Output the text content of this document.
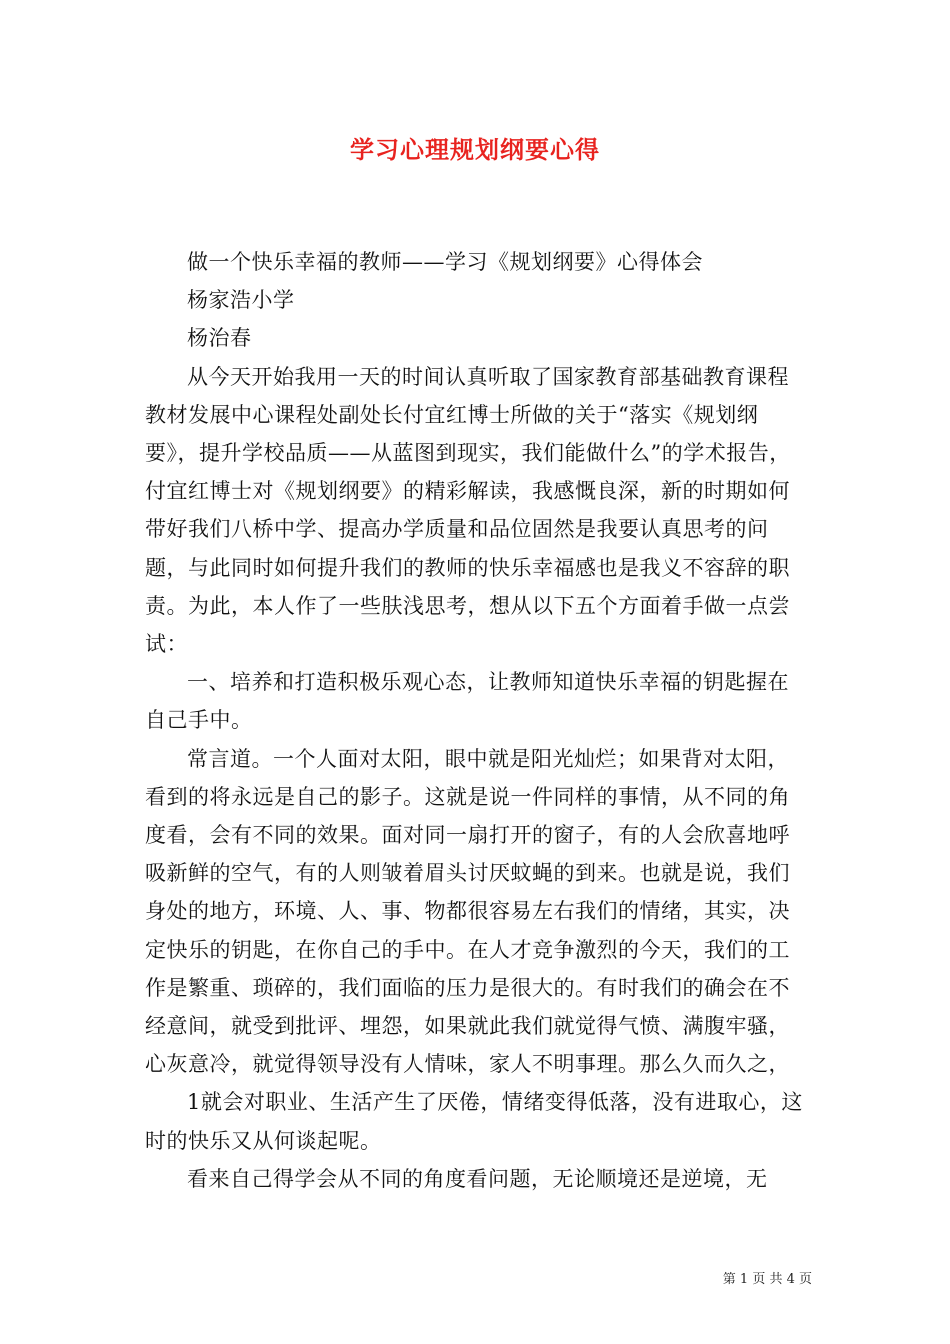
学习心理规划纲要心得

做一个快乐幸福的教师——学习《规划纲要》心得体会

杨家浩小学

杨治春

从今天开始我用一天的时间认真听取了国家教育部基础教育课程教材发展中心课程处副处长付宜红博士所做的关于“落实《规划纲要》，提升学校品质——从蓝图到现实，我们能做什么”的学术报告，付宜红博士对《规划纲要》的精彩解读，我感慨良深，新的时期如何带好我们八桥中学、提高办学质量和品位固然是我要认真思考的问题，与此同时如何提升我们的教师的快乐幸福感也是我义不容辞的职责。为此，本人作了一些肤浅思考，想从以下五个方面着手做一点尝试：

一、培养和打造积极乐观心态，让教师知道快乐幸福的钥匙握在自己手中。

常言道。一个人面对太阳，眼中就是阳光灿烂；如果背对太阳，看到的将永远是自己的影子。这就是说一件同样的事情，从不同的角度看，会有不同的效果。面对同一扇打开的窗子，有的人会欣喜地呼吸新鲜的空气，有的人则皱着眉头讨厌蚊蝇的到来。也就是说，我们身处的地方，环境、人、事、物都很容易左右我们的情绪，其实，决定快乐的钥匙，在你自己的手中。在人才竞争激烈的今天，我们的工作是繁重、琐碎的，我们面临的压力是很大的。有时我们的确会在不经意间，就受到批评、埋怨，如果就此我们就觉得气愤、满腹牢骚，心灰意冷，就觉得领导没有人情味，家人不明事理。那么久而久之，

1就会对职业、生活产生了厌倦，情绪变得低落，没有进取心，这时的快乐又从何谈起呢。

看来自己得学会从不同的角度看问题，无论顺境还是逆境，无

第 1 页 共 4 页
